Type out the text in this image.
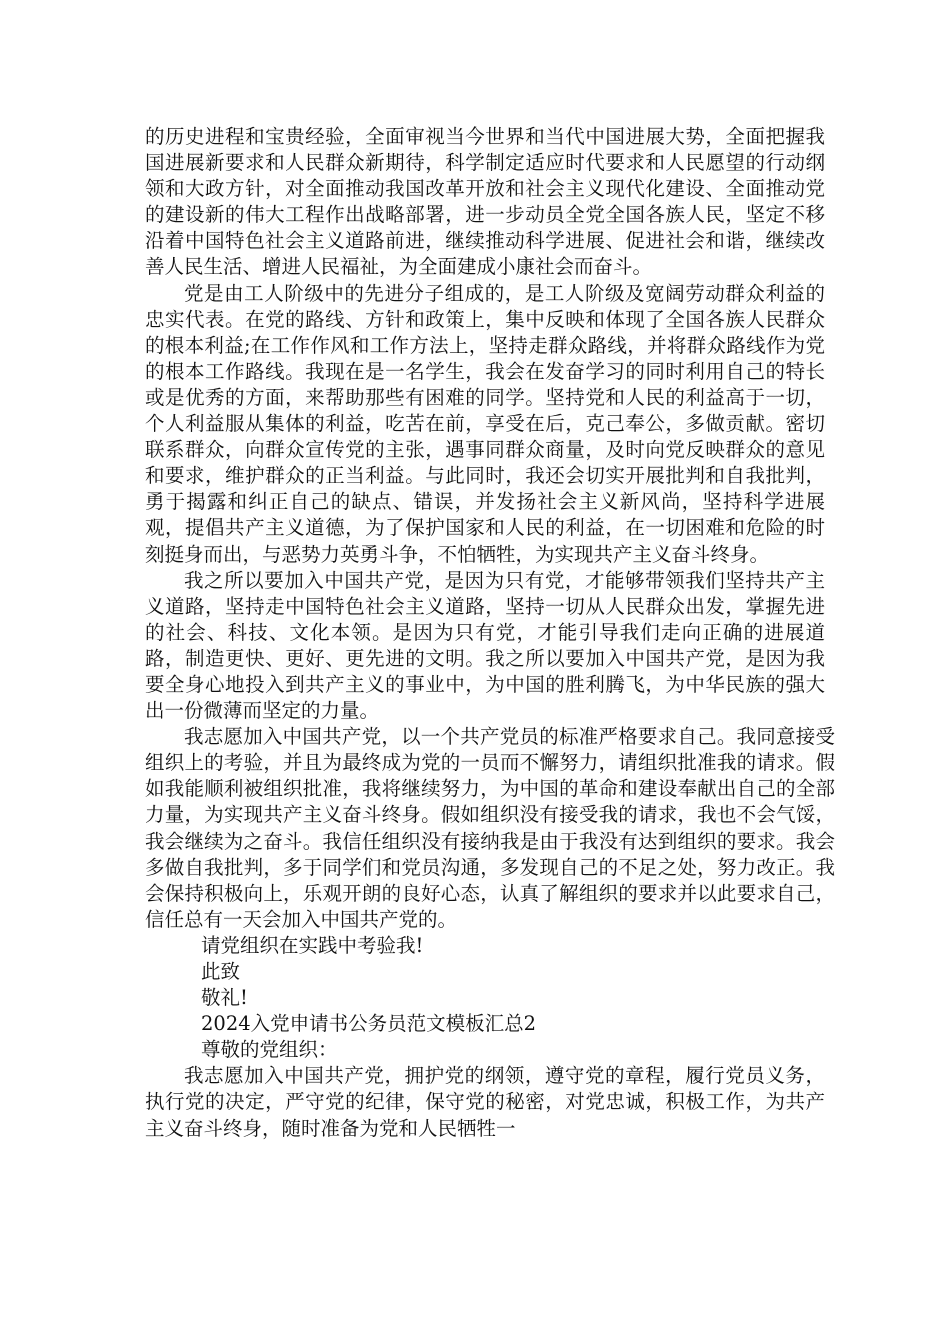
的历史进程和宝贵经验，全面审视当今世界和当代中国进展大势，全面把握我国进展新要求和人民群众新期待，科学制定适应时代要求和人民愿望的行动纲领和大政方针，对全面推动我国改革开放和社会主义现代化建设、全面推动党的建设新的伟大工程作出战略部署，进一步动员全党全国各族人民，坚定不移沿着中国特色社会主义道路前进，继续推动科学进展、促进社会和谐，继续改善人民生活、增进人民福祉，为全面建成小康社会而奋斗。

党是由工人阶级中的先进分子组成的，是工人阶级及宽阔劳动群众利益的忠实代表。在党的路线、方针和政策上，集中反映和体现了全国各族人民群众的根本利益;在工作作风和工作方法上，坚持走群众路线，并将群众路线作为党的根本工作路线。我现在是一名学生，我会在发奋学习的同时利用自己的特长或是优秀的方面，来帮助那些有困难的同学。坚持党和人民的利益高于一切，个人利益服从集体的利益，吃苦在前，享受在后，克己奉公，多做贡献。密切联系群众，向群众宣传党的主张，遇事同群众商量，及时向党反映群众的意见和要求，维护群众的正当利益。与此同时，我还会切实开展批判和自我批判，勇于揭露和纠正自己的缺点、错误，并发扬社会主义新风尚，坚持科学进展观，提倡共产主义道德，为了保护国家和人民的利益，在一切困难和危险的时刻挺身而出，与恶势力英勇斗争，不怕牺牲，为实现共产主义奋斗终身。

我之所以要加入中国共产党，是因为只有党，才能够带领我们坚持共产主义道路，坚持走中国特色社会主义道路，坚持一切从人民群众出发，掌握先进的社会、科技、文化本领。是因为只有党，才能引导我们走向正确的进展道路，制造更快、更好、更先进的文明。我之所以要加入中国共产党，是因为我要全身心地投入到共产主义的事业中，为中国的胜利腾飞，为中华民族的强大出一份微薄而坚定的力量。

我志愿加入中国共产党，以一个共产党员的标准严格要求自己。我同意接受组织上的考验，并且为最终成为党的一员而不懈努力，请组织批准我的请求。假如我能顺利被组织批准，我将继续努力，为中国的革命和建设奉献出自己的全部力量，为实现共产主义奋斗终身。假如组织没有接受我的请求，我也不会气馁，我会继续为之奋斗。我信任组织没有接纳我是由于我没有达到组织的要求。我会多做自我批判，多于同学们和党员沟通，多发现自己的不足之处，努力改正。我会保持积极向上，乐观开朗的良好心态，认真了解组织的要求并以此要求自己，信任总有一天会加入中国共产党的。

请党组织在实践中考验我!

此致

敬礼!

2024入党申请书公务员范文模板汇总2

尊敬的党组织：

我志愿加入中国共产党，拥护党的纲领，遵守党的章程，履行党员义务，执行党的决定，严守党的纪律，保守党的秘密，对党忠诚，积极工作，为共产主义奋斗终身，随时准备为党和人民牺牲一
